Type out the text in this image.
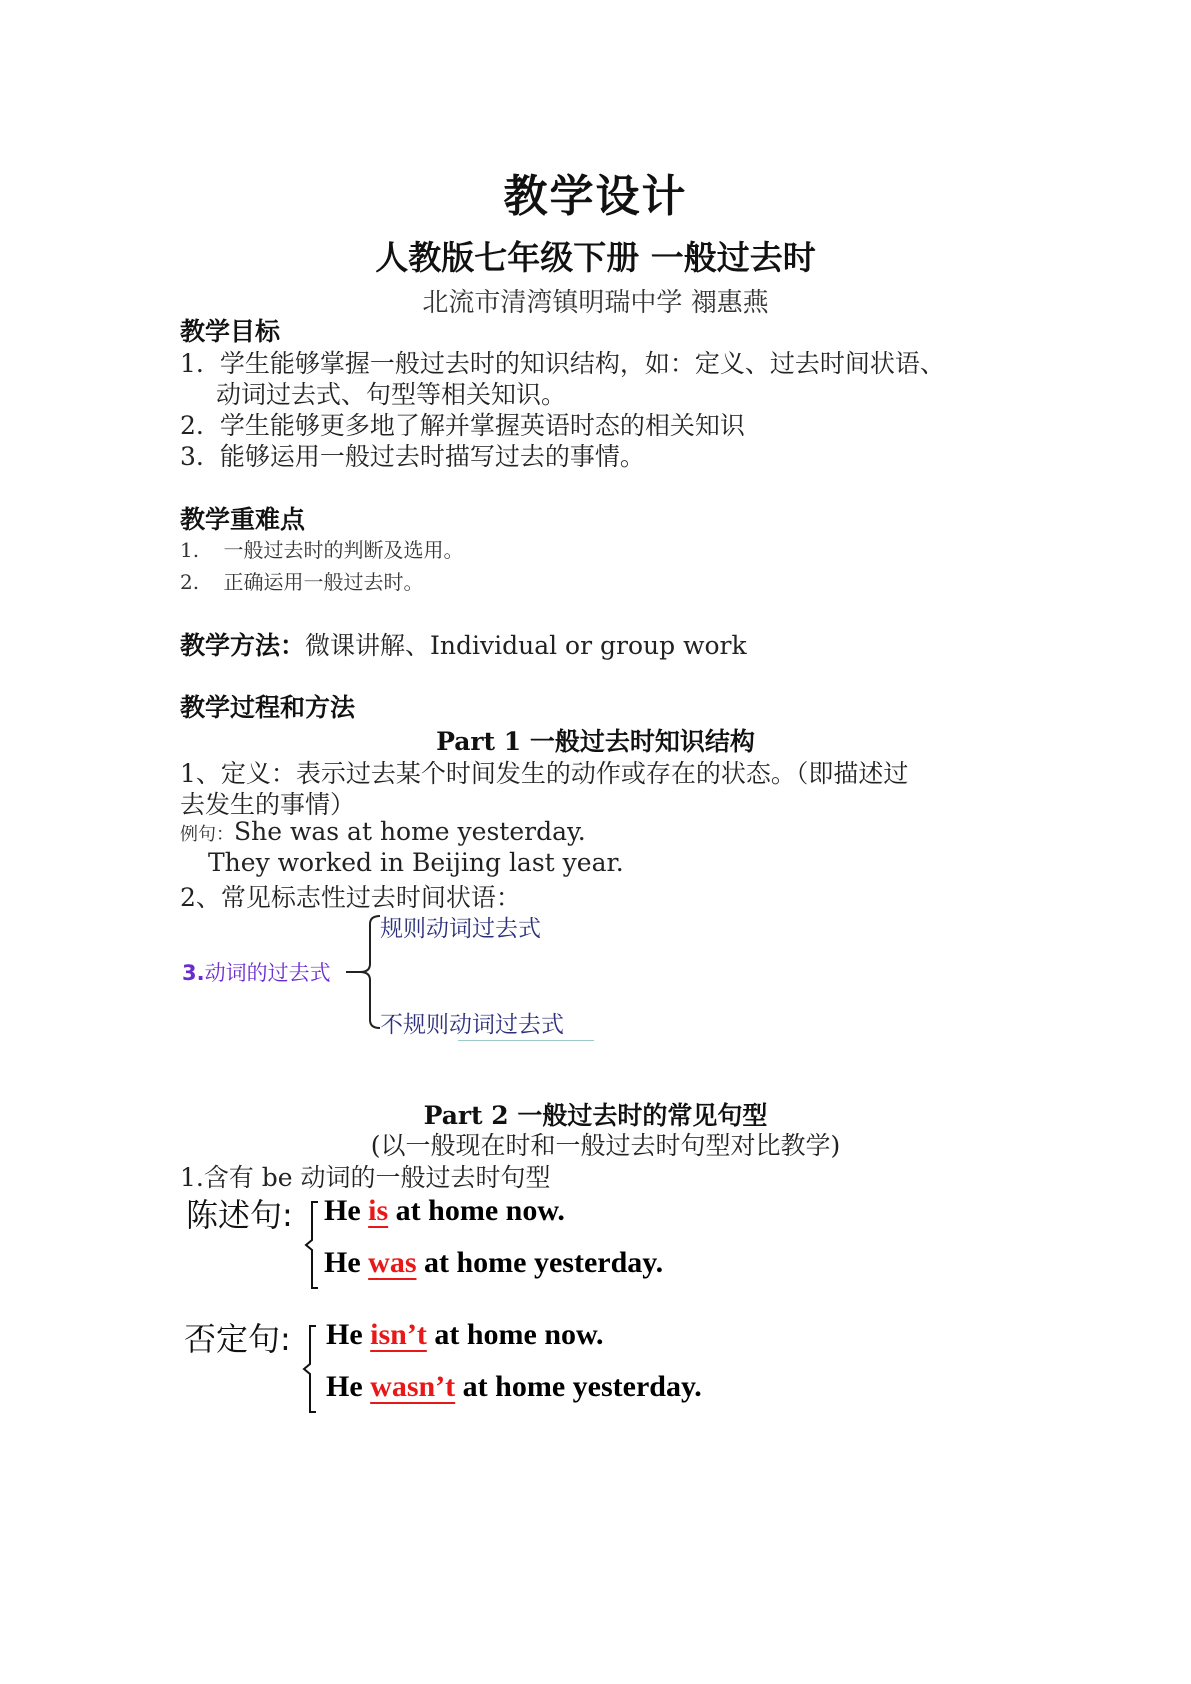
教学设计
人教版七年级下册 一般过去时
北流市清湾镇明瑞中学 禤惠燕
教学目标
1. 学生能够掌握一般过去时的知识结构，如：定义、过去时间状语、
动词过去式、句型等相关知识。
2. 学生能够更多地了解并掌握英语时态的相关知识
3. 能够运用一般过去时描写过去的事情。
教学重难点
1. 一般过去时的判断及选用。
2. 正确运用一般过去时。
教学方法：微课讲解、Individual or group work
教学过程和方法
Part 1 一般过去时知识结构
1、定义：表示过去某个时间发生的动作或存在的状态。（即描述过
去发生的事情）
例句：She was at home yesterday.
They worked in Beijing last year.
2、常见标志性过去时间状语：
规则动词过去式
3.动词的过去式
不规则动词过去式
Part 2 一般过去时的常见句型
(以一般现在时和一般过去时句型对比教学)
1.含有 be 动词的一般过去时句型
陈述句: He is at home now.
He was at home yesterday.
否定句: He isn’t at home now.
He wasn’t at home yesterday.
